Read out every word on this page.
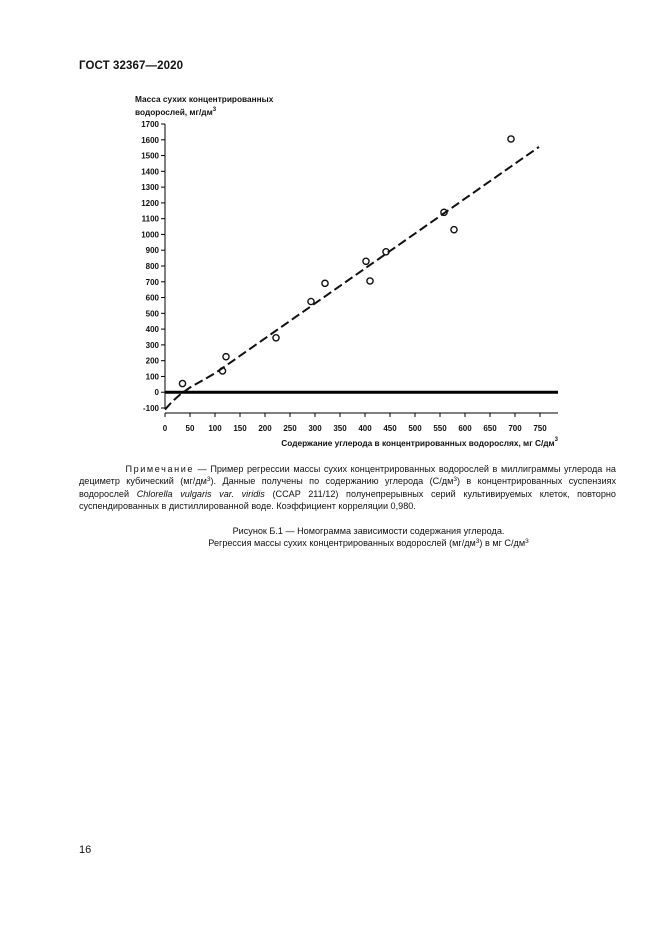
ГОСТ 32367—2020
Масса сухих концентрированных
водорослей, $мг/дм^3$
-100
0
100
200
300
400
500
600
700
800
900
1000
1100
1200
1300
1400
1500
1600
1700
0 50 100 150 200 250 300 350 400 450 500 550 600 650 700 750
Содержание углерода в концентрированных водорослях, мг $С/дм^3$
Примечание — Пример регрессии массы сухих концентрированных водорослей в миллиграммы углерода на дециметр кубический $(мг/дм^3)$. Данные получены по содержанию углерода $(С/дм^3)$ в концентрированных суспензиях водорослей Chlorella vulgaris var. viridis (CCAP 211/12) полунепрерывных серий культивируемых клеток, повторно суспендированных в дистиллированной воде. Коэффициент корреляции 0,980.
Рисунок Б.1 — Номограмма зависимости содержания углерода.
Регрессия массы сухих концентрированных водорослей $(мг/дм^3)$ в мг $С/дм^3$
16
